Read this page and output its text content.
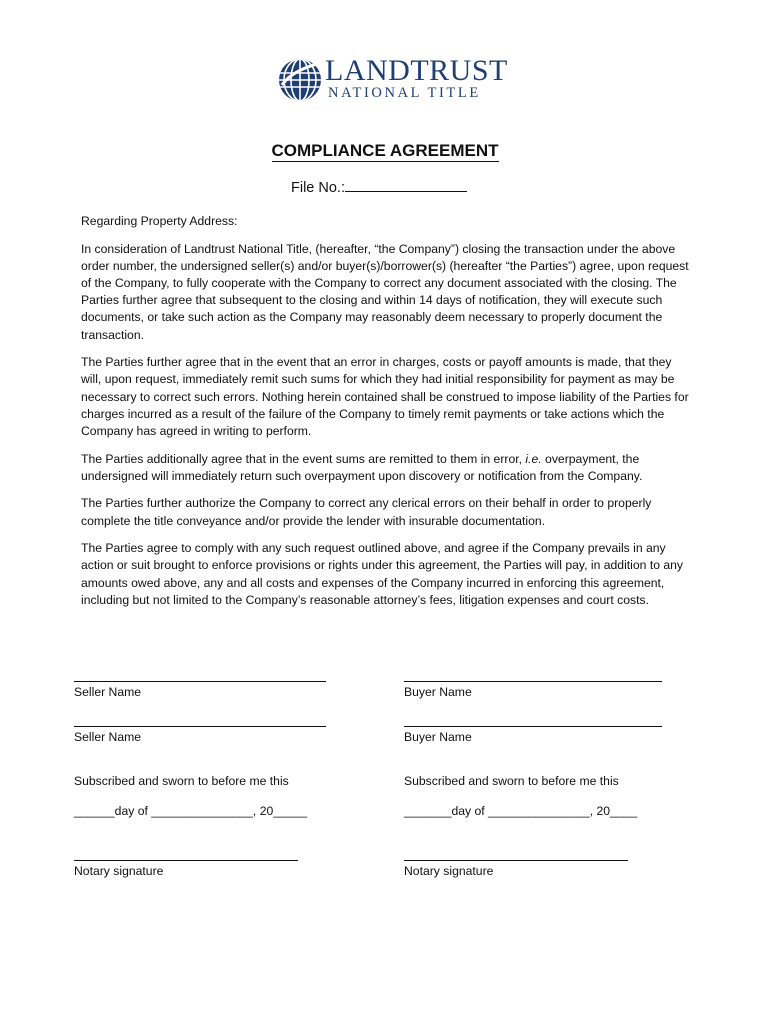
LANDTRUST
NATIONAL TITLE
COMPLIANCE AGREEMENT
File No.:

Regarding Property Address:

In consideration of Landtrust National Title, (hereafter, “the Company”) closing the transaction under the above order number, the undersigned seller(s) and/or buyer(s)/borrower(s) (hereafter “the Parties”) agree, upon request of the Company, to fully cooperate with the Company to correct any document associated with the closing. The Parties further agree that subsequent to the closing and within 14 days of notification, they will execute such documents, or take such action as the Company may reasonably deem necessary to properly document the transaction.

The Parties further agree that in the event that an error in charges, costs or payoff amounts is made, that they will, upon request, immediately remit such sums for which they had initial responsibility for payment as may be necessary to correct such errors. Nothing herein contained shall be construed to impose liability of the Parties for charges incurred as a result of the failure of the Company to timely remit payments or take actions which the Company has agreed in writing to perform.

The Parties additionally agree that in the event sums are remitted to them in error, i.e. overpayment, the undersigned will immediately return such overpayment upon discovery or notification from the Company.

The Parties further authorize the Company to correct any clerical errors on their behalf in order to properly complete the title conveyance and/or provide the lender with insurable documentation.

The Parties agree to comply with any such request outlined above, and agree if the Company prevails in any action or suit brought to enforce provisions or rights under this agreement, the Parties will pay, in addition to any amounts owed above, any and all costs and expenses of the Company incurred in enforcing this agreement, including but not limited to the Company’s reasonable attorney’s fees, litigation expenses and court costs.

Seller Name	Buyer Name
Seller Name	Buyer Name
Subscribed and sworn to before me this	Subscribed and sworn to before me this
______day of _______________, 20_____	_______day of _______________, 20____
Notary signature	Notary signature
